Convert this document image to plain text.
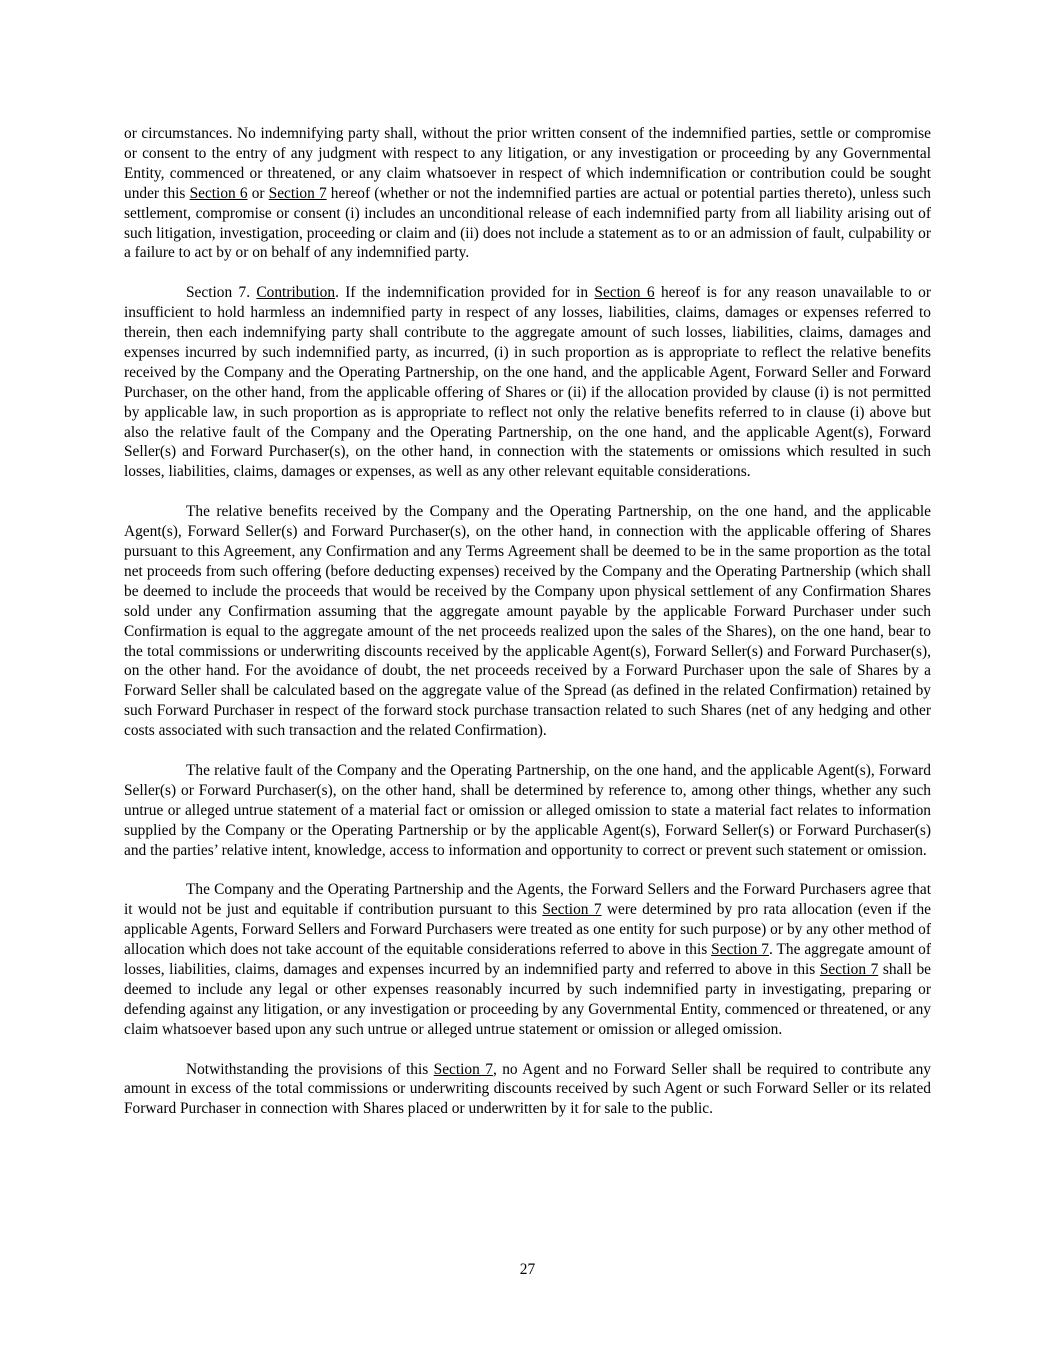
or circumstances. No indemnifying party shall, without the prior written consent of the indemnified parties, settle or compromise or consent to the entry of any judgment with respect to any litigation, or any investigation or proceeding by any Governmental Entity, commenced or threatened, or any claim whatsoever in respect of which indemnification or contribution could be sought under this Section 6 or Section 7 hereof (whether or not the indemnified parties are actual or potential parties thereto), unless such settlement, compromise or consent (i) includes an unconditional release of each indemnified party from all liability arising out of such litigation, investigation, proceeding or claim and (ii) does not include a statement as to or an admission of fault, culpability or a failure to act by or on behalf of any indemnified party.

Section 7. Contribution. If the indemnification provided for in Section 6 hereof is for any reason unavailable to or insufficient to hold harmless an indemnified party in respect of any losses, liabilities, claims, damages or expenses referred to therein, then each indemnifying party shall contribute to the aggregate amount of such losses, liabilities, claims, damages and expenses incurred by such indemnified party, as incurred, (i) in such proportion as is appropriate to reflect the relative benefits received by the Company and the Operating Partnership, on the one hand, and the applicable Agent, Forward Seller and Forward Purchaser, on the other hand, from the applicable offering of Shares or (ii) if the allocation provided by clause (i) is not permitted by applicable law, in such proportion as is appropriate to reflect not only the relative benefits referred to in clause (i) above but also the relative fault of the Company and the Operating Partnership, on the one hand, and the applicable Agent(s), Forward Seller(s) and Forward Purchaser(s), on the other hand, in connection with the statements or omissions which resulted in such losses, liabilities, claims, damages or expenses, as well as any other relevant equitable considerations.

The relative benefits received by the Company and the Operating Partnership, on the one hand, and the applicable Agent(s), Forward Seller(s) and Forward Purchaser(s), on the other hand, in connection with the applicable offering of Shares pursuant to this Agreement, any Confirmation and any Terms Agreement shall be deemed to be in the same proportion as the total net proceeds from such offering (before deducting expenses) received by the Company and the Operating Partnership (which shall be deemed to include the proceeds that would be received by the Company upon physical settlement of any Confirmation Shares sold under any Confirmation assuming that the aggregate amount payable by the applicable Forward Purchaser under such Confirmation is equal to the aggregate amount of the net proceeds realized upon the sales of the Shares), on the one hand, bear to the total commissions or underwriting discounts received by the applicable Agent(s), Forward Seller(s) and Forward Purchaser(s), on the other hand. For the avoidance of doubt, the net proceeds received by a Forward Purchaser upon the sale of Shares by a Forward Seller shall be calculated based on the aggregate value of the Spread (as defined in the related Confirmation) retained by such Forward Purchaser in respect of the forward stock purchase transaction related to such Shares (net of any hedging and other costs associated with such transaction and the related Confirmation).

The relative fault of the Company and the Operating Partnership, on the one hand, and the applicable Agent(s), Forward Seller(s) or Forward Purchaser(s), on the other hand, shall be determined by reference to, among other things, whether any such untrue or alleged untrue statement of a material fact or omission or alleged omission to state a material fact relates to information supplied by the Company or the Operating Partnership or by the applicable Agent(s), Forward Seller(s) or Forward Purchaser(s) and the parties’ relative intent, knowledge, access to information and opportunity to correct or prevent such statement or omission.

The Company and the Operating Partnership and the Agents, the Forward Sellers and the Forward Purchasers agree that it would not be just and equitable if contribution pursuant to this Section 7 were determined by pro rata allocation (even if the applicable Agents, Forward Sellers and Forward Purchasers were treated as one entity for such purpose) or by any other method of allocation which does not take account of the equitable considerations referred to above in this Section 7. The aggregate amount of losses, liabilities, claims, damages and expenses incurred by an indemnified party and referred to above in this Section 7 shall be deemed to include any legal or other expenses reasonably incurred by such indemnified party in investigating, preparing or defending against any litigation, or any investigation or proceeding by any Governmental Entity, commenced or threatened, or any claim whatsoever based upon any such untrue or alleged untrue statement or omission or alleged omission.

Notwithstanding the provisions of this Section 7, no Agent and no Forward Seller shall be required to contribute any amount in excess of the total commissions or underwriting discounts received by such Agent or such Forward Seller or its related Forward Purchaser in connection with Shares placed or underwritten by it for sale to the public.

27
